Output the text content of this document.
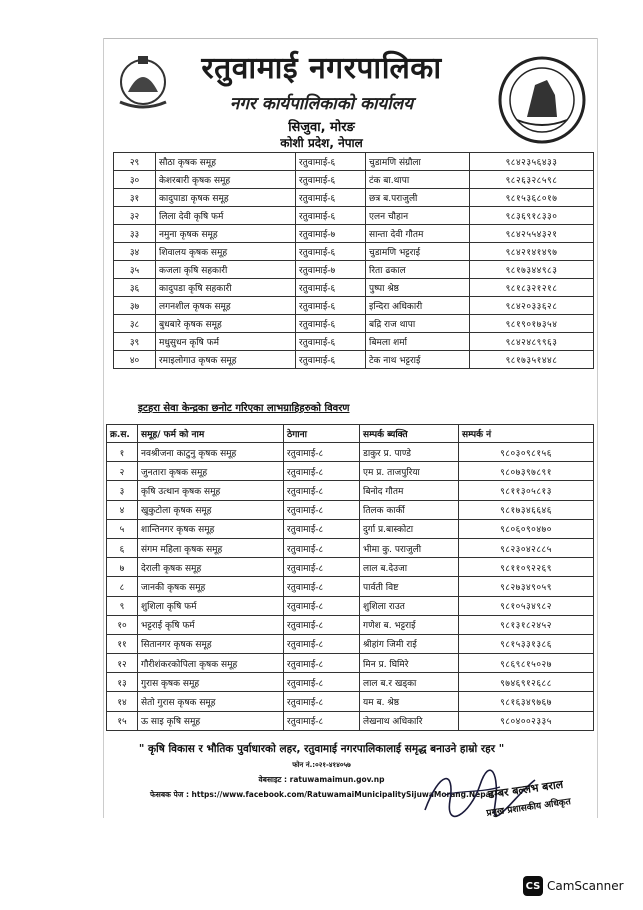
रतुवामाई नगरपालिका
नगर कार्यपालिकाको कार्यालय
सिजुवा, मोरङ
कोशी प्रदेश, नेपाल
२९	सौठा कृषक समूह	रतुवामाई-६	चुडामणि संग्रौला	९८४२३५६४३३
३०	केशरबारी कृषक समूह	रतुवामाई-६	टंक बा.थापा	९८२६३२८५९८
३१	कादुपाडा कृषक समूह	रतुवामाई-६	छत्र ब.पराजुली	९८१५३६८०१७
३२	लिला देवी कृषि फर्म	रतुवामाई-६	एलन चौहान	९८३६९१८३३०
३३	नमुना कृषक समूह	रतुवामाई-७	सान्ता देवी गौतम	९८४२५५४३२१
३४	शिवालय कृषक समूह	रतुवामाई-६	चुडामणि भट्टराई	९८४२१४१४९७
३५	कजला कृषि सहकारी	रतुवामाई-७	रिता ढकाल	९८१७३४४९८३
३६	कादुपडा कृषि सहकारी	रतुवामाई-६	पुष्पा श्रेष्ठ	९८१८३२१२१८
३७	लगनशील कृषक समूह	रतुवामाई-६	इन्दिरा अधिकारी	९८४२०३३६२८
३८	बुधबारे कृषक समूह	रतुवामाई-६	बद्रि राज थापा	९८१९०१७३५४
३९	मधुसुधन कृषि फर्म	रतुवामाई-६	बिमला शर्मा	९८४२४८९९६३
४०	रमाइलोगाउ कृषक समूह	रतुवामाई-६	टेक नाथ भट्टराई	९८१७३५१४४८
इटहरा सेवा केन्द्रका छनोट गरिएका लाभग्राहिहरुको विवरण
क्र.स.	समूह/ फर्म को नाम	ठेगाना	सम्पर्क ब्यक्ति	सम्पर्क नं
१	नवश्रीजना काटुनु कृषक समूह	रतुवामाई-८	डाकुर प्र. पाण्डे	९८०३०९८१५६
२	जुनतारा कृषक समूह	रतुवामाई-८	एम प्र. ताजपुरिया	९८०७३९७८९१
३	कृषि उत्थान कृषक समूह	रतुवामाई-८	बिनोद गौतम	९८११३०५८१३
४	खुकुटोला कृषक समूह	रतुवामाई-८	तिलक कार्की	९८१७३४६६४६
५	शान्तिनगर कृषक समूह	रतुवामाई-८	दुर्गा प्र.बास्कोटा	९८०६०९०४७०
६	संगम महिला कृषक समूह	रतुवामाई-८	भीमा कु. पराजुली	९८२३०४२८८५
७	देराली कृषक समूह	रतुवामाई-८	लाल ब.देउजा	९८११०९२२६९
८	जानकी कृषक समूह	रतुवामाई-८	पार्वती विष्ट	९८२७३४९०५९
९	शुशिला कृषि फर्म	रतुवामाई-८	शुशिला राउत	९८१०५३४९८२
१०	भट्टराई कृषि फर्म	रतुवामाई-८	गणेश ब. भट्टराई	९८१३१८२४५२
११	सितानगर कृषक समूह	रतुवामाई-८	श्रीहांग जिमी राई	९८१५३३१३८६
१२	गौरीशंकरकोपिला कृषक समूह	रतुवामाई-८	मिन प्र. घिमिरे	९८६९८१५०२७
१३	गुरास कृषक समूह	रतुवामाई-८	लाल ब.र खड्का	९७४६९१२६८८
१४	सेतो गुरास कृषक समूह	रतुवामाई-८	यम ब. श्रेष्ठ	९८१६३४९७६७
१५	ऊ साइ कृषि समूह	रतुवामाई-८	लेखनाथ अधिकारि	९८०४००२३३५
" कृषि विकास र भौतिक पुर्वाधारको लहर, रतुवामाई नगरपालिकालाई समृद्ध बनाउने हाम्रो रहर "
फोन नं.:०२१-४१४०५७
वेबसाइट : ratuwamaimun.gov.np
फेसबक पेज : https://www.facebook.com/RatuwamaiMunicipalitySijuwaMorang.Nepal
डम्बर बल्लभ बराल
प्रमुख प्रशासकीय अधिकृत
CS CamScanner
